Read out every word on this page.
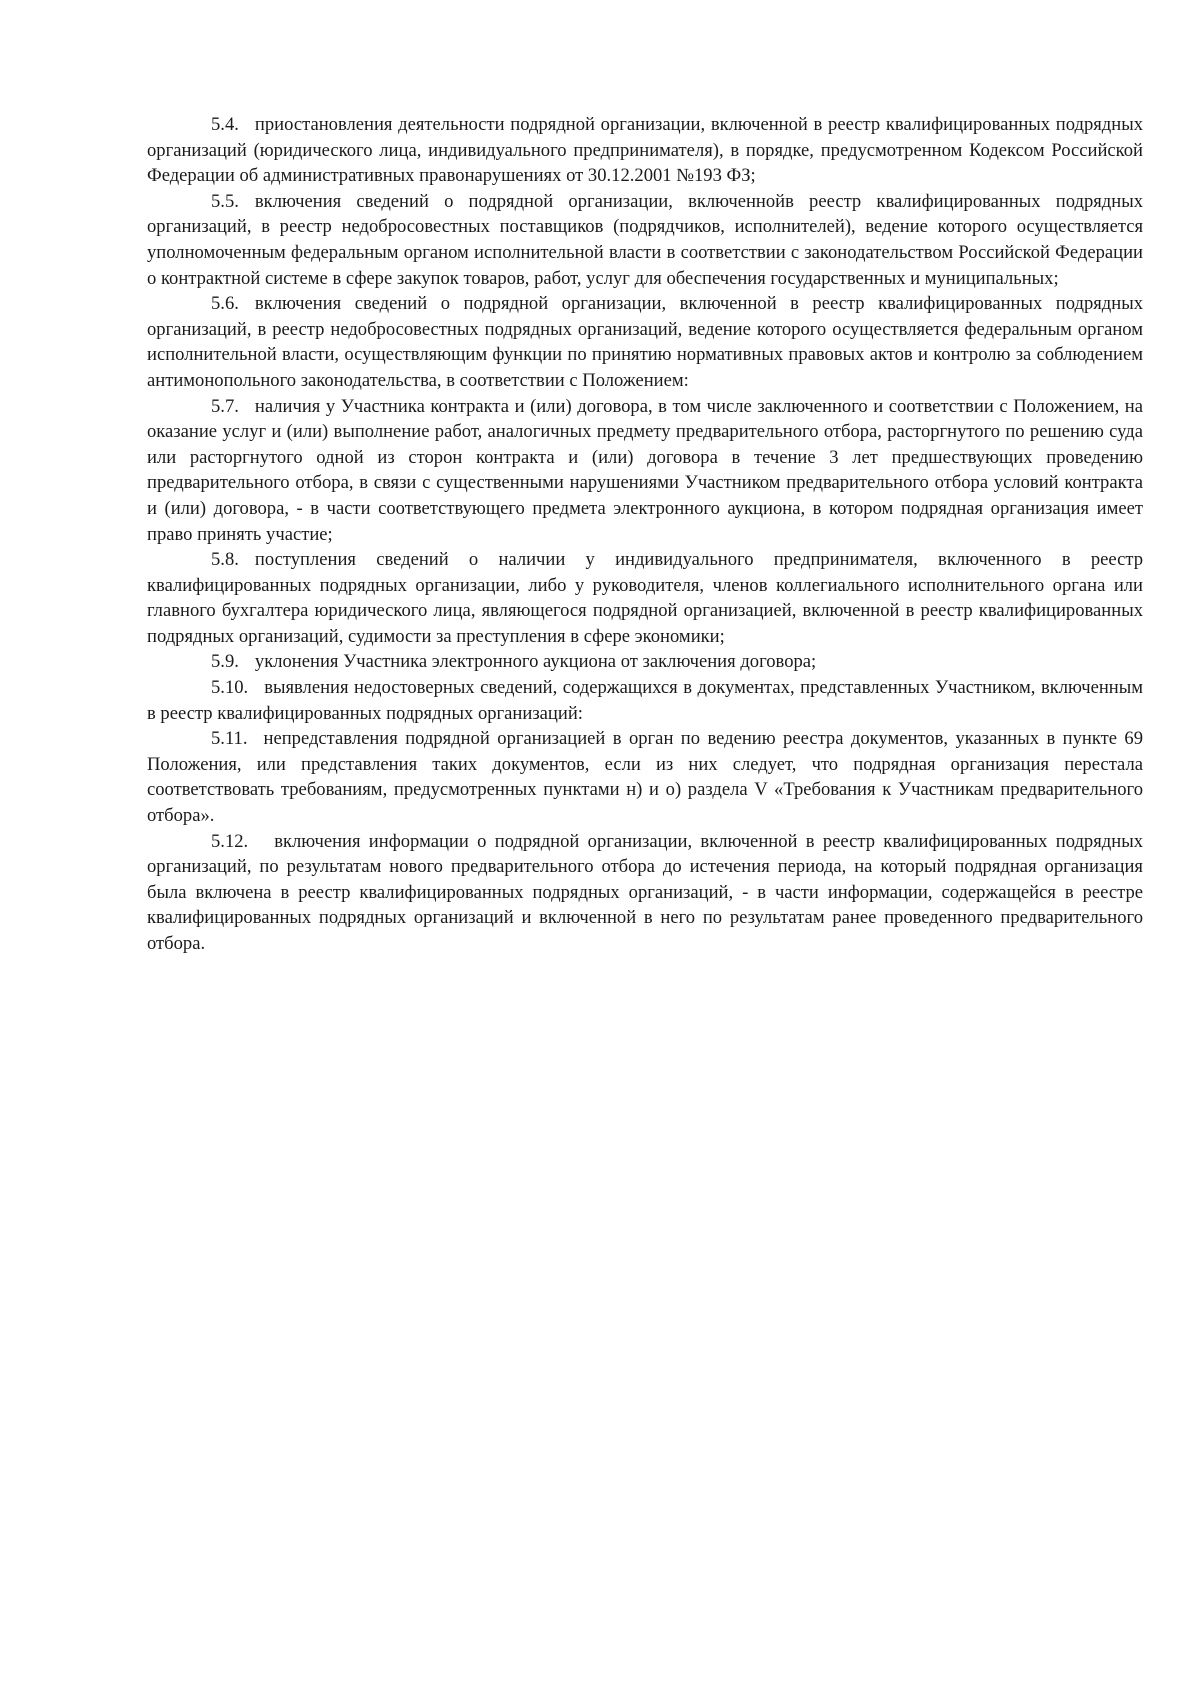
5.4. приостановления деятельности подрядной организации, включенной в реестр квалифицированных подрядных организаций (юридического лица, индивидуального предпринимателя), в порядке, предусмотренном Кодексом Российской Федерации об административных правонарушениях от 30.12.2001 №193 ФЗ;

5.5. включения сведений о подрядной организации, включеннойв реестр квалифицированных подрядных организаций, в реестр недобросовестных поставщиков (подрядчиков, исполнителей), ведение которого осуществляется уполномоченным федеральным органом исполнительной власти в соответствии с законодательством Российской Федерации о контрактной системе в сфере закупок товаров, работ, услуг для обеспечения государственных и муниципальных;

5.6. включения сведений о подрядной организации, включенной в реестр квалифицированных подрядных организаций, в реестр недобросовестных подрядных организаций, ведение которого осуществляется федеральным органом исполнительной власти, осуществляющим функции по принятию нормативных правовых актов и контролю за соблюдением антимонопольного законодательства, в соответствии с Положением:

5.7. наличия у Участника контракта и (или) договора, в том числе заключенного и соответствии с Положением, на оказание услуг и (или) выполнение работ, аналогичных предмету предварительного отбора, расторгнутого по решению суда или расторгнутого одной из сторон контракта и (или) договора в течение 3 лет предшествующих проведению предварительного отбора, в связи с существенными нарушениями Участником предварительного отбора условий контракта и (или) договора, - в части соответствующего предмета электронного аукциона, в котором подрядная организация имеет право принять участие;

5.8. поступления сведений о наличии у индивидуального предпринимателя, включенного в реестр квалифицированных подрядных организации, либо у руководителя, членов коллегиального исполнительного органа или главного бухгалтера юридического лица, являющегося подрядной организацией, включенной в реестр квалифицированных подрядных организаций, судимости за преступления в сфере экономики;

5.9. уклонения Участника электронного аукциона от заключения договора;

5.10. выявления недостоверных сведений, содержащихся в документах, представленных Участником, включенным в реестр квалифицированных подрядных организаций:

5.11. непредставления подрядной организацией в орган по ведению реестра документов, указанных в пункте 69 Положения, или представления таких документов, если из них следует, что подрядная организация перестала соответствовать требованиям, предусмотренных пунктами н) и о) раздела V «Требования к Участникам предварительного отбора».

5.12. включения информации о подрядной организации, включенной в реестр квалифицированных подрядных организаций, по результатам нового предварительного отбора до истечения периода, на который подрядная организация была включена в реестр квалифицированных подрядных организаций, - в части информации, содержащейся в реестре квалифицированных подрядных организаций и включенной в него по результатам ранее проведенного предварительного отбора.
